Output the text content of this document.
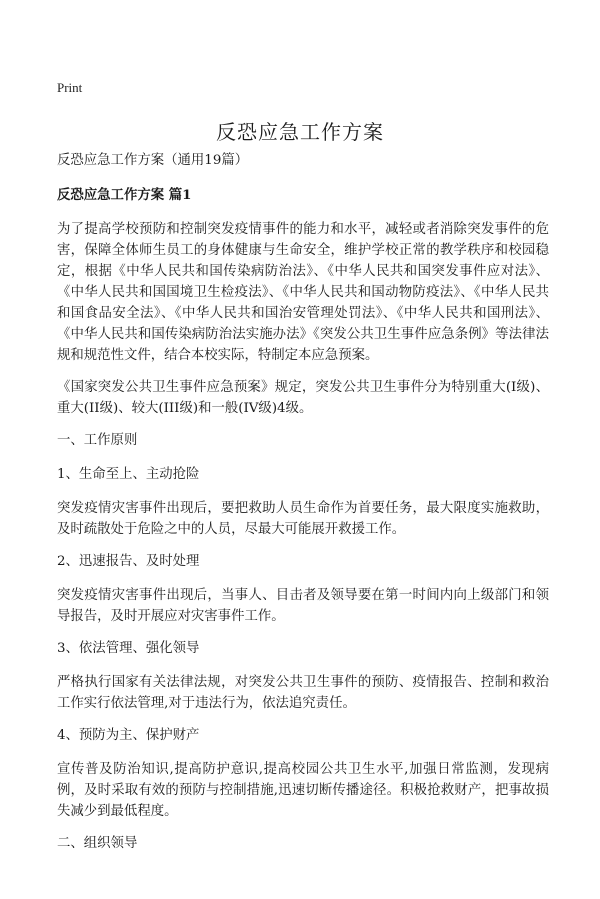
Print
反恐应急工作方案

反恐应急工作方案（通用19篇）

反恐应急工作方案 篇1

为了提高学校预防和控制突发疫情事件的能力和水平，减轻或者消除突发事件的危害，保障全体师生员工的身体健康与生命安全，维护学校正常的教学秩序和校园稳定，根据《中华人民共和国传染病防治法》、《中华人民共和国突发事件应对法》、《中华人民共和国国境卫生检疫法》、《中华人民共和国动物防疫法》、《中华人民共和国食品安全法》、《中华人民共和国治安管理处罚法》、《中华人民共和国刑法》、《中华人民共和国传染病防治法实施办法》《突发公共卫生事件应急条例》等法律法规和规范性文件，结合本校实际，特制定本应急预案。

《国家突发公共卫生事件应急预案》规定，突发公共卫生事件分为特别重大(I级)、重大(II级)、较大(III级)和一般(IV级)4级。

一、工作原则

1、生命至上、主动抢险

突发疫情灾害事件出现后，要把救助人员生命作为首要任务，最大限度实施救助，及时疏散处于危险之中的人员，尽最大可能展开救援工作。

2、迅速报告、及时处理

突发疫情灾害事件出现后，当事人、目击者及领导要在第一时间内向上级部门和领导报告，及时开展应对灾害事件工作。

3、依法管理、强化领导

严格执行国家有关法律法规，对突发公共卫生事件的预防、疫情报告、控制和救治工作实行依法管理,对于违法行为，依法追究责任。

4、预防为主、保护财产

宣传普及防治知识,提高防护意识,提高校园公共卫生水平,加强日常监测，发现病例，及时采取有效的预防与控制措施,迅速切断传播途径。积极抢救财产，把事故损失减少到最低程度。

二、组织领导
